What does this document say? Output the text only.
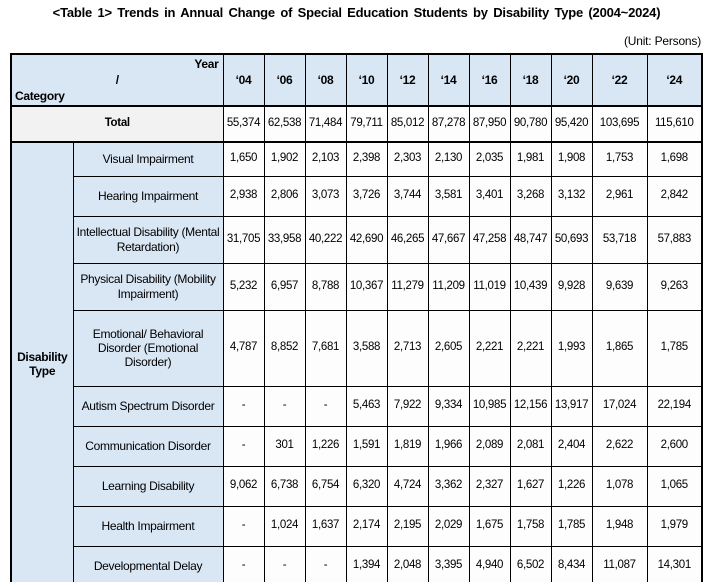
<Table 1> Trends in Annual Change of Special Education Students by Disability Type (2004~2024)
(Unit: Persons)
Year
/
Category		‘04	‘06	‘08	‘10	‘12	‘14	‘16	‘18	‘20	‘22	‘24
Total		55,374	62,538	71,484	79,711	85,012	87,278	87,950	90,780	95,420	103,695	115,610
Disability Type	Visual Impairment	1,650	1,902	2,103	2,398	2,303	2,130	2,035	1,981	1,908	1,753	1,698
	Hearing Impairment	2,938	2,806	3,073	3,726	3,744	3,581	3,401	3,268	3,132	2,961	2,842
	Intellectual Disability (Mental Retardation)	31,705	33,958	40,222	42,690	46,265	47,667	47,258	48,747	50,693	53,718	57,883
	Physical Disability (Mobility Impairment)	5,232	6,957	8,788	10,367	11,279	11,209	11,019	10,439	9,928	9,639	9,263
	Emotional/ Behavioral Disorder (Emotional Disorder)	4,787	8,852	7,681	3,588	2,713	2,605	2,221	2,221	1,993	1,865	1,785
	Autism Spectrum Disorder	-	-	-	5,463	7,922	9,334	10,985	12,156	13,917	17,024	22,194
	Communication Disorder	-	301	1,226	1,591	1,819	1,966	2,089	2,081	2,404	2,622	2,600
	Learning Disability	9,062	6,738	6,754	6,320	4,724	3,362	2,327	1,627	1,226	1,078	1,065
	Health Impairment	-	1,024	1,637	2,174	2,195	2,029	1,675	1,758	1,785	1,948	1,979
	Developmental Delay	-	-	-	1,394	2,048	3,395	4,940	6,502	8,434	11,087	14,301
